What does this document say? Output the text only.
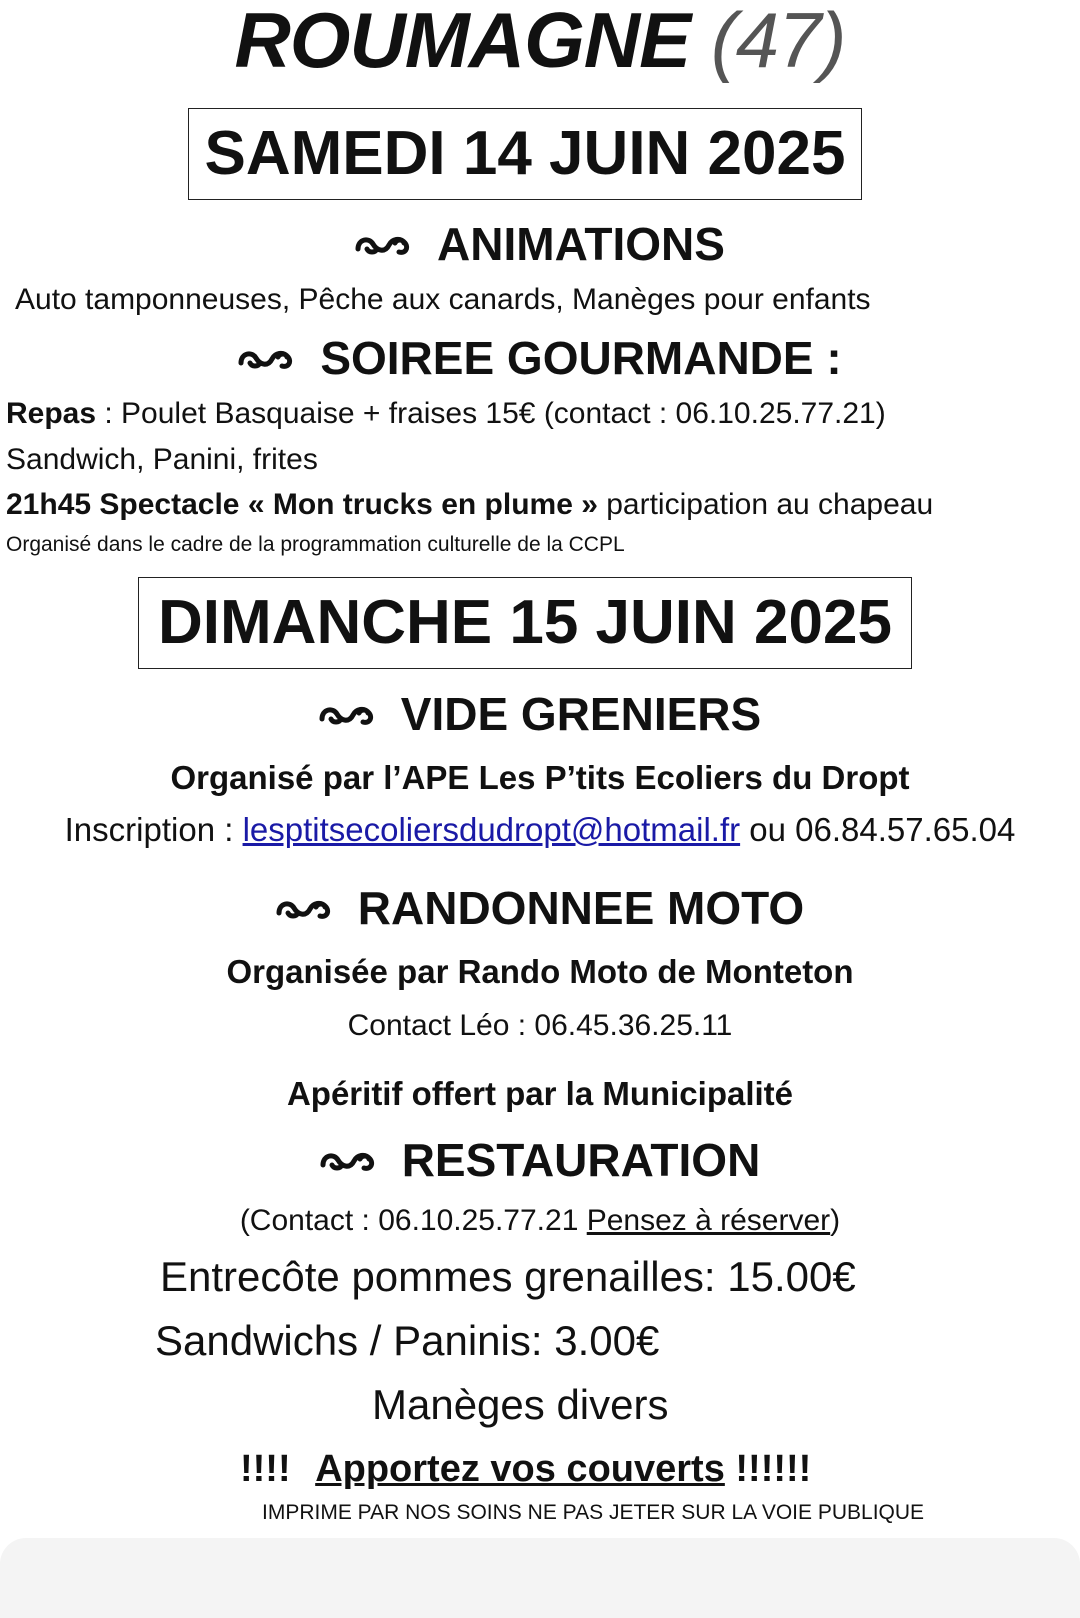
ROUMAGNE (47)
SAMEDI 14 JUIN 2025
ANIMATIONS
Auto tamponneuses, Pêche aux canards, Manèges pour enfants
SOIREE GOURMANDE :
Repas : Poulet Basquaise + fraises 15€ (contact : 06.10.25.77.21)
Sandwich, Panini, frites
21h45 Spectacle « Mon trucks en plume » participation au chapeau
Organisé dans le cadre de la programmation culturelle de la CCPL
DIMANCHE 15 JUIN 2025
VIDE GRENIERS
Organisé par l’APE Les P’tits Ecoliers du Dropt
Inscription : lesptitsecoliersdudropt@hotmail.fr ou 06.84.57.65.04
RANDONNEE MOTO
Organisée par Rando Moto de Monteton
Contact Léo : 06.45.36.25.11
Apéritif offert par la Municipalité
RESTAURATION
(Contact : 06.10.25.77.21 Pensez à réserver)
Entrecôte pommes grenailles: 15.00€
Sandwichs / Paninis: 3.00€
Manèges divers
!!!! Apportez vos couverts !!!!!!
IMPRIME PAR NOS SOINS NE PAS JETER SUR LA VOIE PUBLIQUE
